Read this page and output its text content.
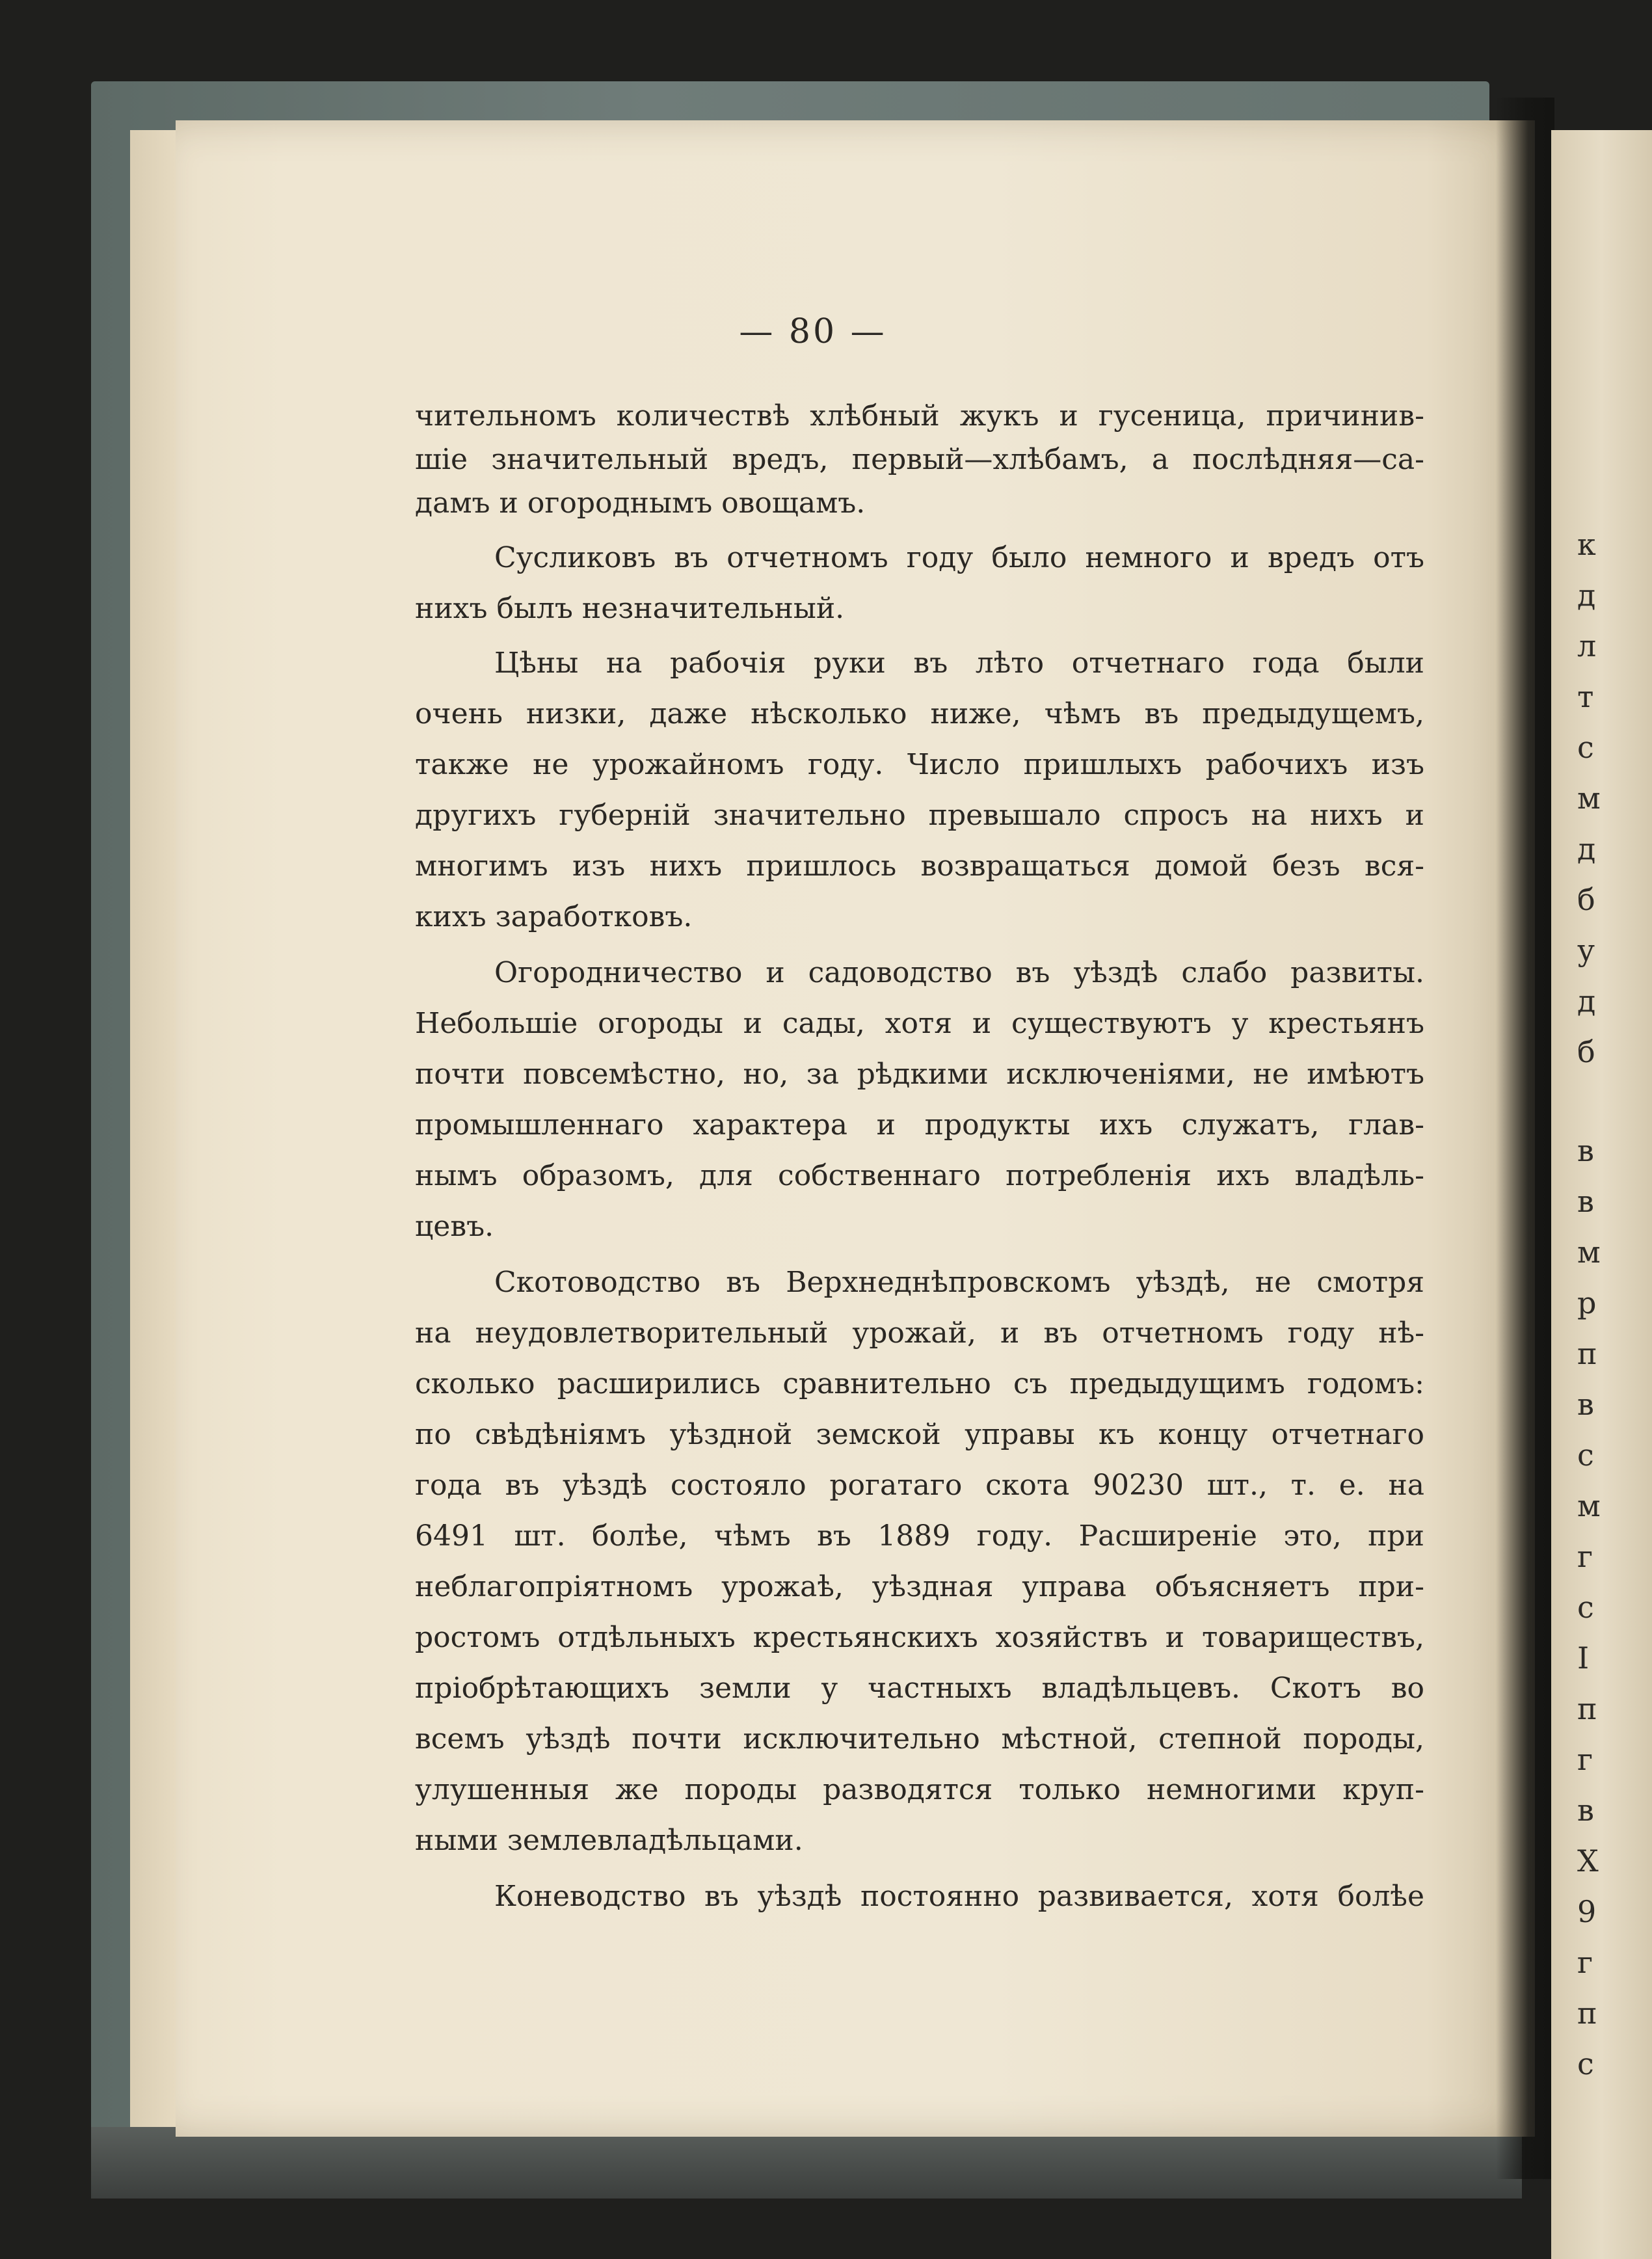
— 80 —
чительномъ количествѣ хлѣбный жукъ и гусеница, причинив-
шіе значительный вредъ, первый—хлѣбамъ, а послѣдняя—са-
дамъ и огороднымъ овощамъ.
Сусликовъ въ отчетномъ году было немного и вредъ отъ
нихъ былъ незначительный.
Цѣны на рабочія руки въ лѣто отчетнаго года были
очень низки, даже нѣсколько ниже, чѣмъ въ предыдущемъ,
также не урожайномъ году. Число пришлыхъ рабочихъ изъ
другихъ губерній значительно превышало спросъ на нихъ и
многимъ изъ нихъ пришлось возвращаться домой безъ вся-
кихъ заработковъ.
Огородничество и садоводство въ уѣздѣ слабо развиты.
Небольшіе огороды и сады, хотя и существуютъ у крестьянъ
почти повсемѣстно, но, за рѣдкими исключеніями, не имѣютъ
промышленнаго характера и продукты ихъ служатъ, глав-
нымъ образомъ, для собственнаго потребленія ихъ владѣль-
цевъ.
Скотоводство въ Верхнеднѣпровскомъ уѣздѣ, не смотря
на неудовлетворительный урожай, и въ отчетномъ году нѣ-
сколько расширились сравнительно съ предыдущимъ годомъ:
по свѣдѣніямъ уѣздной земской управы къ концу отчетнаго
года въ уѣздѣ состояло рогатаго скота 90230 шт., т. е. на
6491 шт. болѣе, чѣмъ въ 1889 году. Расширеніе это, при
неблагопріятномъ урожаѣ, уѣздная управа объясняетъ при-
ростомъ отдѣльныхъ крестьянскихъ хозяйствъ и товариществъ,
пріобрѣтающихъ земли у частныхъ владѣльцевъ. Скотъ во
всемъ уѣздѣ почти исключительно мѣстной, степной породы,
улушенныя же породы разводятся только немногими круп-
ными землевладѣльцами.
Коневодство въ уѣздѣ постоянно развивается, хотя болѣе
к
д
л
т
с
м
д
б
у
д
б
в
в
м
р
п
в
с
м
г
с
I
п
г
в
Х
9
г
п
с
